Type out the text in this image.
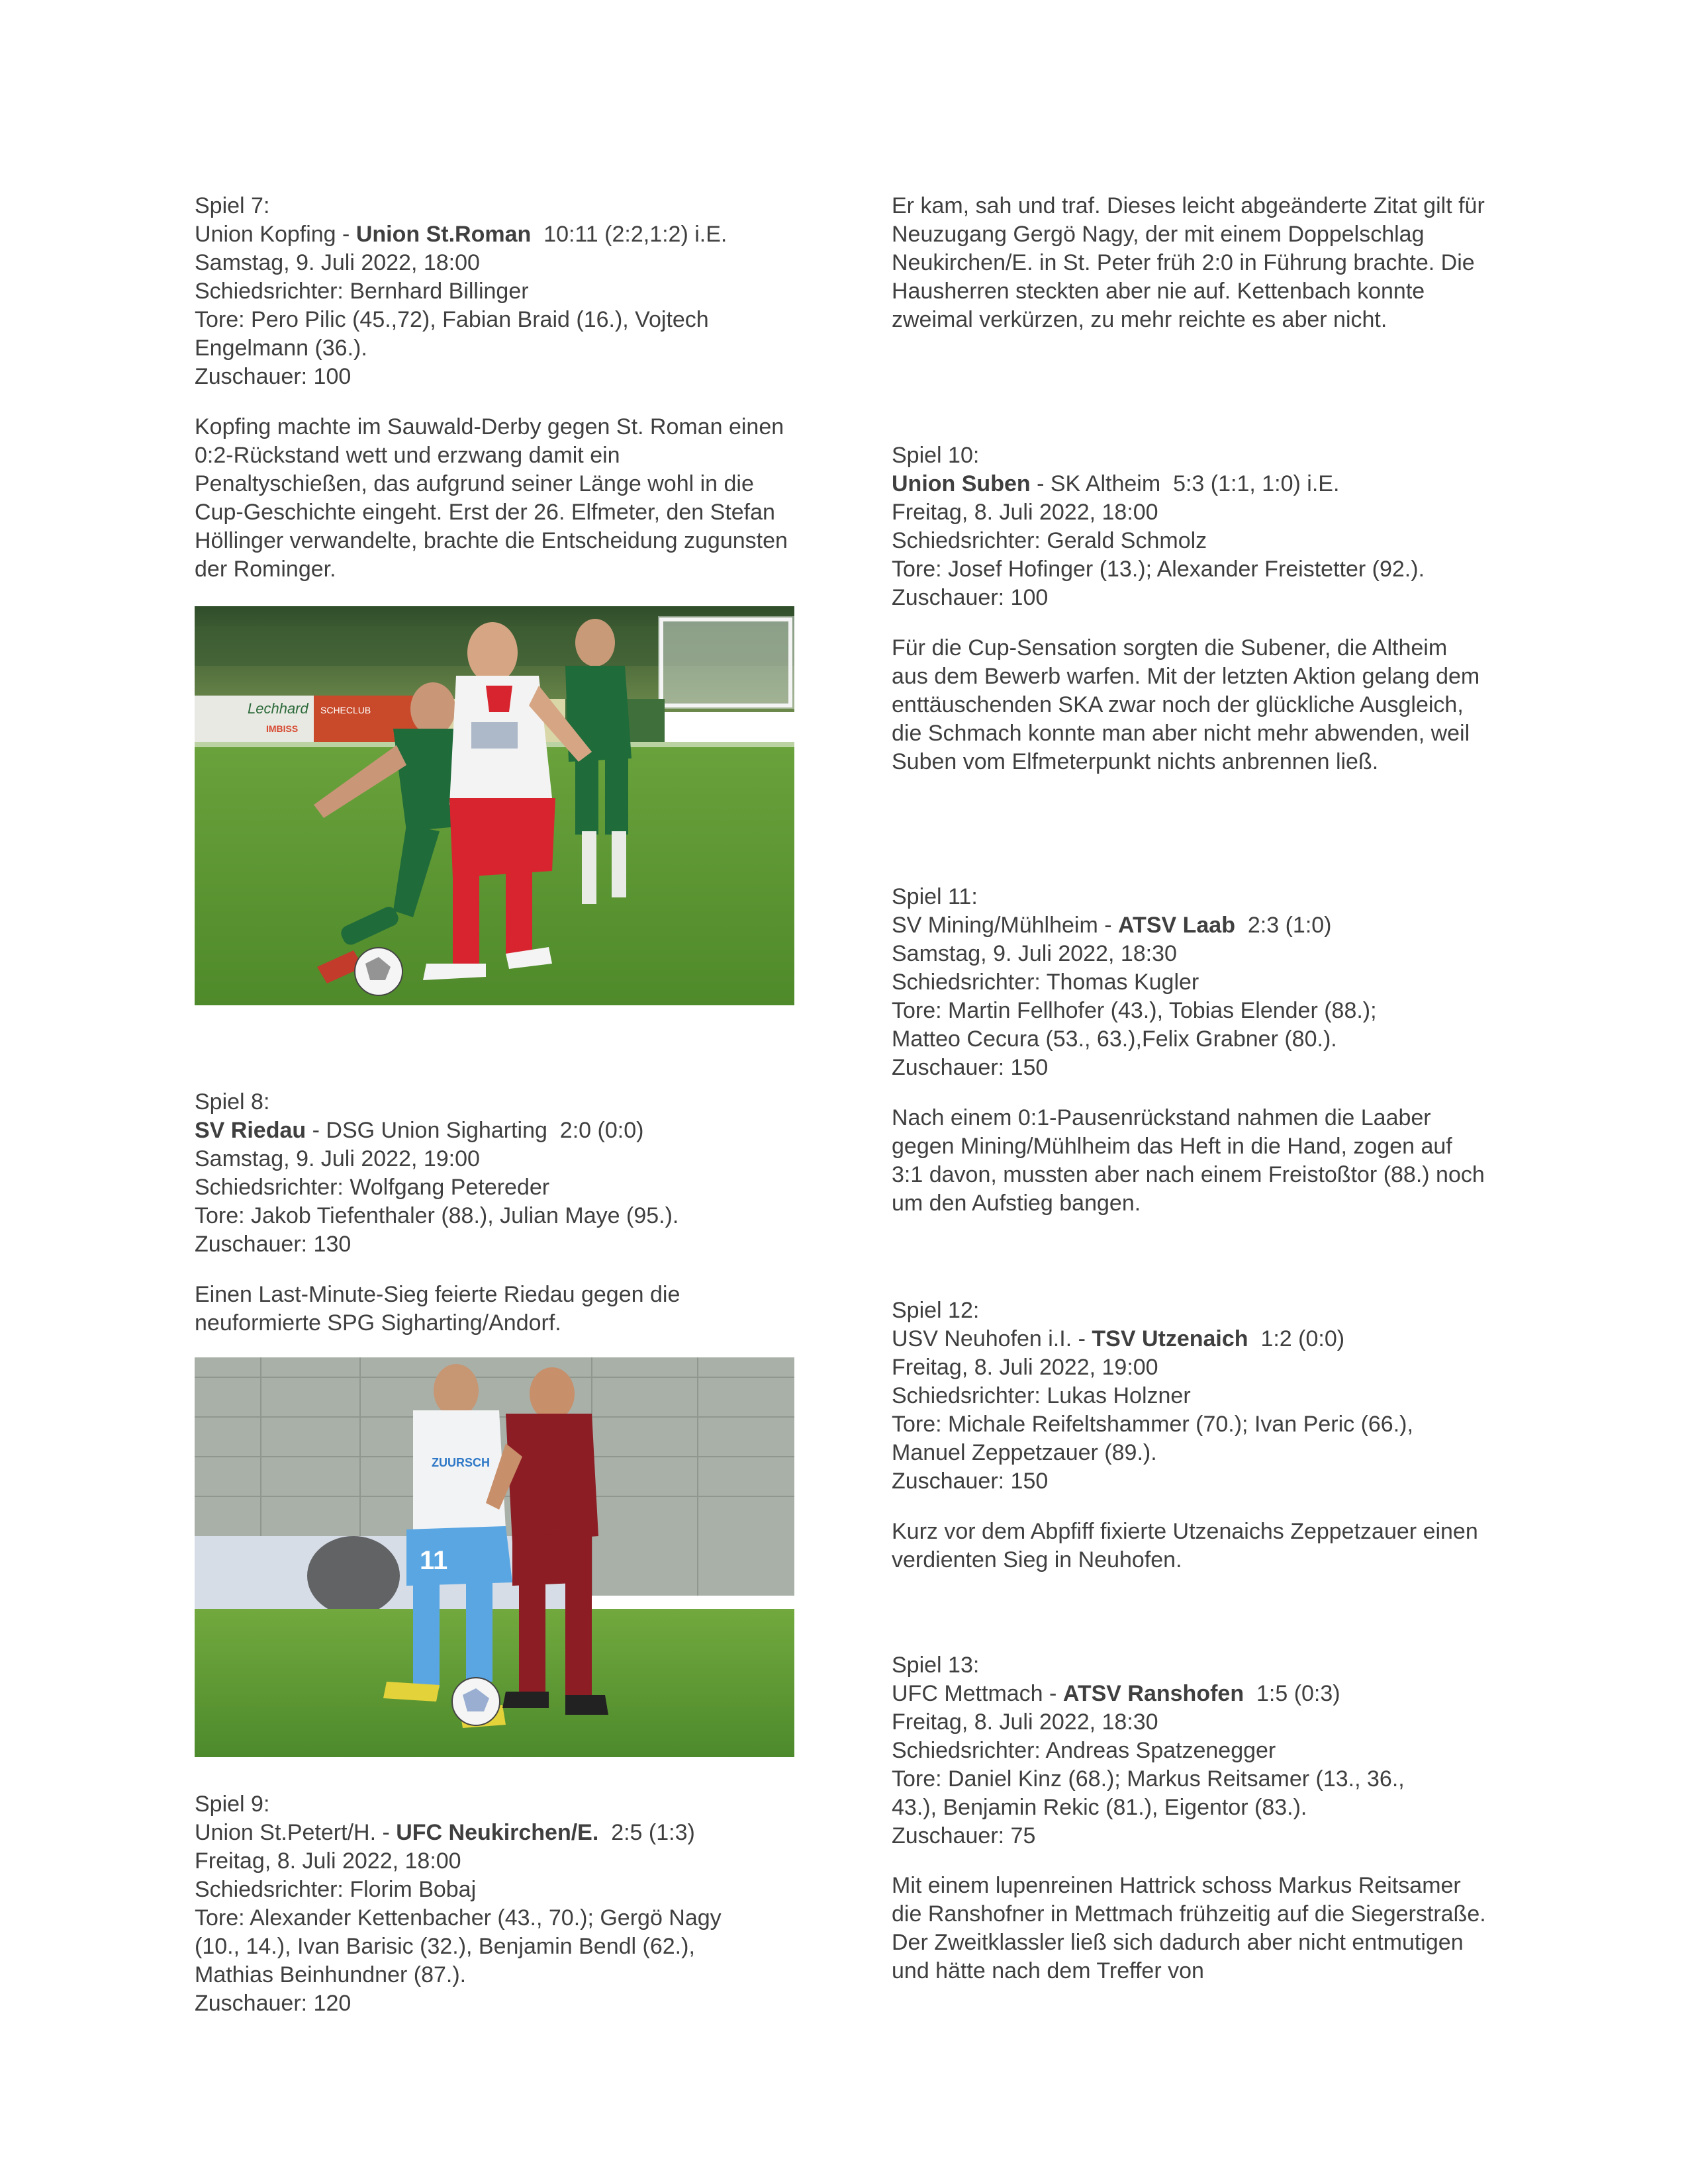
Spiel 7:
Union Kopfing - Union St.Roman  10:11 (2:2,1:2) i.E.
Samstag, 9. Juli 2022, 18:00
Schiedsrichter: Bernhard Billinger
Tore: Pero Pilic (45.,72), Fabian Braid (16.), Vojtech
Engelmann (36.).
Zuschauer: 100

Kopfing machte im Sauwald-Derby gegen St. Roman einen 0:2-Rückstand wett und erzwang damit ein Penaltyschießen, das aufgrund seiner Länge wohl in die Cup-Geschichte eingeht. Erst der 26. Elfmeter, den Stefan Höllinger verwandelte, brachte die Entscheidung zugunsten der Rominger.

Lechhard
IMBISS
SCHECLUB
Spiel 8:
SV Riedau - DSG Union Sigharting  2:0 (0:0)
Samstag, 9. Juli 2022, 19:00
Schiedsrichter: Wolfgang Petereder
Tore: Jakob Tiefenthaler (88.), Julian Maye (95.).
Zuschauer: 130

Einen Last-Minute-Sieg feierte Riedau gegen die neuformierte SPG Sigharting/Andorf.

ZUURSCH
11
Spiel 9:
Union St.Petert/H. - UFC Neukirchen/E.  2:5 (1:3)
Freitag, 8. Juli 2022, 18:00
Schiedsrichter: Florim Bobaj
Tore: Alexander Kettenbacher (43., 70.); Gergö Nagy
(10., 14.), Ivan Barisic (32.), Benjamin Bendl (62.),
Mathias Beinhundner (87.).
Zuschauer: 120

Er kam, sah und traf. Dieses leicht abgeänderte Zitat gilt für Neuzugang Gergö Nagy, der mit einem Doppelschlag Neukirchen/E. in St. Peter früh 2:0 in Führung brachte. Die Hausherren steckten aber nie auf. Kettenbach konnte zweimal verkürzen, zu mehr reichte es aber nicht.

Spiel 10:
Union Suben - SK Altheim  5:3 (1:1, 1:0) i.E.
Freitag, 8. Juli 2022, 18:00
Schiedsrichter: Gerald Schmolz
Tore: Josef Hofinger (13.); Alexander Freistetter (92.).
Zuschauer: 100

Für die Cup-Sensation sorgten die Subener, die Altheim aus dem Bewerb warfen. Mit der letzten Aktion gelang dem enttäuschenden SKA zwar noch der glückliche Ausgleich, die Schmach konnte man aber nicht mehr abwenden, weil Suben vom Elfmeterpunkt nichts anbrennen ließ.

Spiel 11:
SV Mining/Mühlheim - ATSV Laab  2:3 (1:0)
Samstag, 9. Juli 2022, 18:30
Schiedsrichter: Thomas Kugler
Tore: Martin Fellhofer (43.), Tobias Elender (88.);
Matteo Cecura (53., 63.),Felix Grabner (80.).
Zuschauer: 150

Nach einem 0:1-Pausenrückstand nahmen die Laaber gegen Mining/Mühlheim das Heft in die Hand, zogen auf 3:1 davon, mussten aber nach einem Freistoßtor (88.) noch um den Aufstieg bangen.

Spiel 12:
USV Neuhofen i.I. - TSV Utzenaich  1:2 (0:0)
Freitag, 8. Juli 2022, 19:00
Schiedsrichter: Lukas Holzner
Tore: Michale Reifeltshammer (70.); Ivan Peric (66.),
Manuel Zeppetzauer (89.).
Zuschauer: 150

Kurz vor dem Abpfiff fixierte Utzenaichs Zeppetzauer einen verdienten Sieg in Neuhofen.

Spiel 13:
UFC Mettmach - ATSV Ranshofen  1:5 (0:3)
Freitag, 8. Juli 2022, 18:30
Schiedsrichter: Andreas Spatzenegger
Tore: Daniel Kinz (68.); Markus Reitsamer (13., 36.,
43.), Benjamin Rekic (81.), Eigentor (83.).
Zuschauer: 75

Mit einem lupenreinen Hattrick schoss Markus Reitsamer die Ranshofner in Mettmach frühzeitig auf die Siegerstraße. Der Zweitklassler ließ sich dadurch aber nicht entmutigen und hätte nach dem Treffer von
